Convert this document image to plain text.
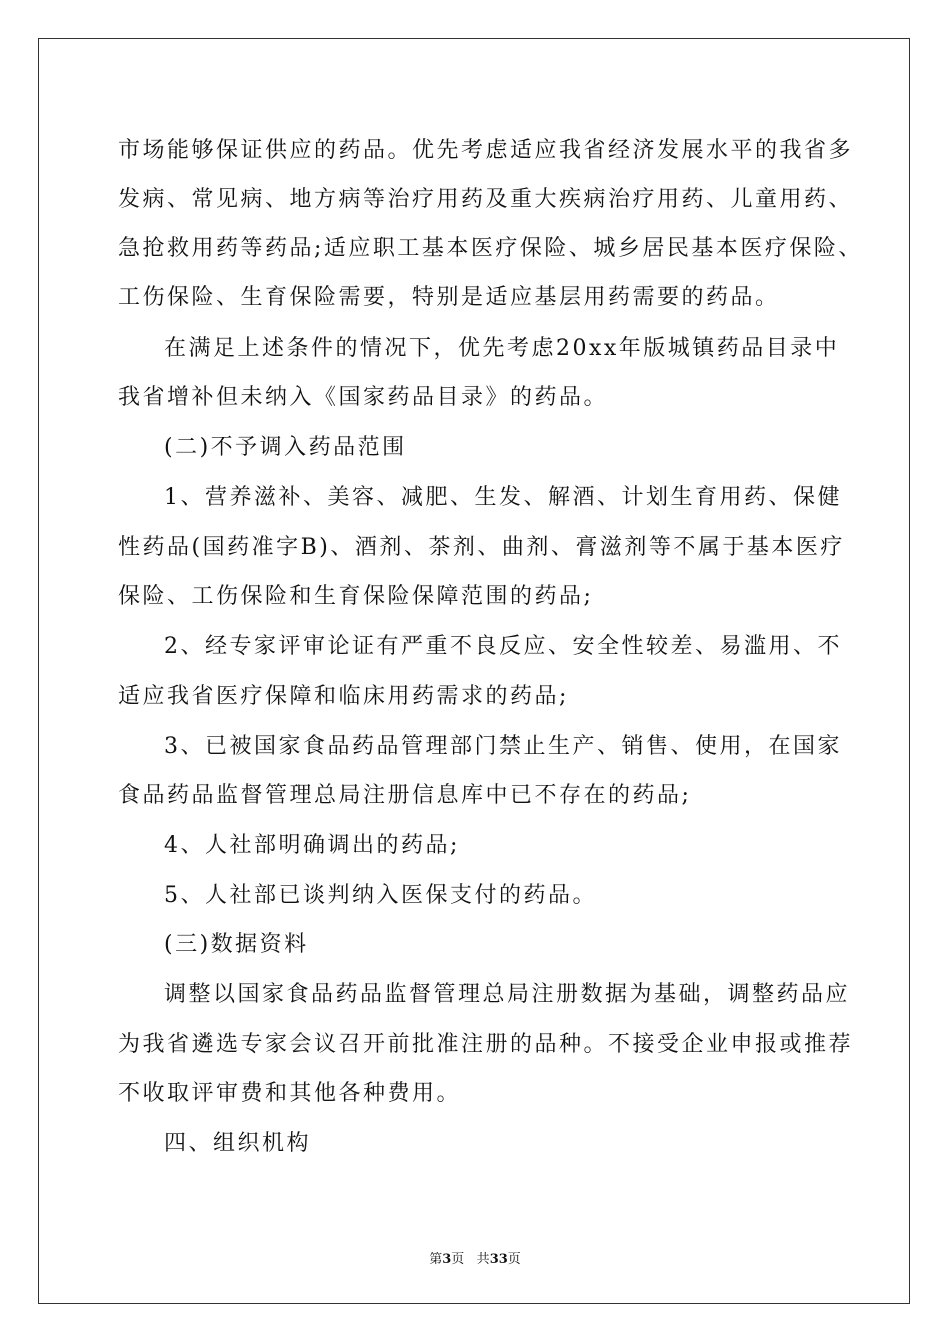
市场能够保证供应的药品。优先考虑适应我省经济发展水平的我省多
发病、常见病、地方病等治疗用药及重大疾病治疗用药、儿童用药、
急抢救用药等药品;适应职工基本医疗保险、城乡居民基本医疗保险、
工伤保险、生育保险需要，特别是适应基层用药需要的药品。
在满足上述条件的情况下，优先考虑20xx年版城镇药品目录中
我省增补但未纳入《国家药品目录》的药品。
(二)不予调入药品范围
1、营养滋补、美容、减肥、生发、解酒、计划生育用药、保健
性药品(国药准字B)、酒剂、茶剂、曲剂、膏滋剂等不属于基本医疗
保险、工伤保险和生育保险保障范围的药品;
2、经专家评审论证有严重不良反应、安全性较差、易滥用、不
适应我省医疗保障和临床用药需求的药品;
3、已被国家食品药品管理部门禁止生产、销售、使用，在国家
食品药品监督管理总局注册信息库中已不存在的药品;
4、人社部明确调出的药品;
5、人社部已谈判纳入医保支付的药品。
(三)数据资料
调整以国家食品药品监督管理总局注册数据为基础，调整药品应
为我省遴选专家会议召开前批准注册的品种。不接受企业申报或推荐
不收取评审费和其他各种费用。
四、组织机构
第3页 共33页
